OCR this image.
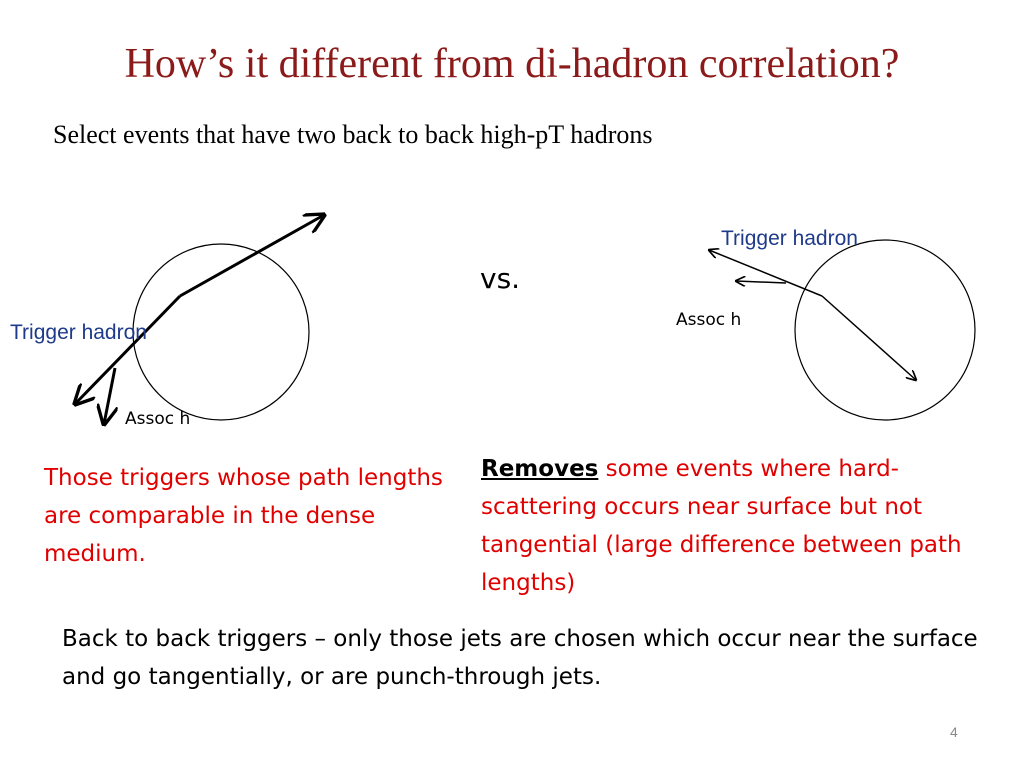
How’s it different from di-hadron correlation?
Select events that have two back to back high-pT hadrons
Trigger hadron
Assoc h
vs.
Trigger hadron
Assoc h
Those triggers whose path lengths are comparable in the dense medium.
Removes some events where hard-scattering occurs near surface but not tangential (large difference between path lengths)
Back to back triggers – only those jets are chosen which occur near the surface and go tangentially, or are punch-through jets.
4
